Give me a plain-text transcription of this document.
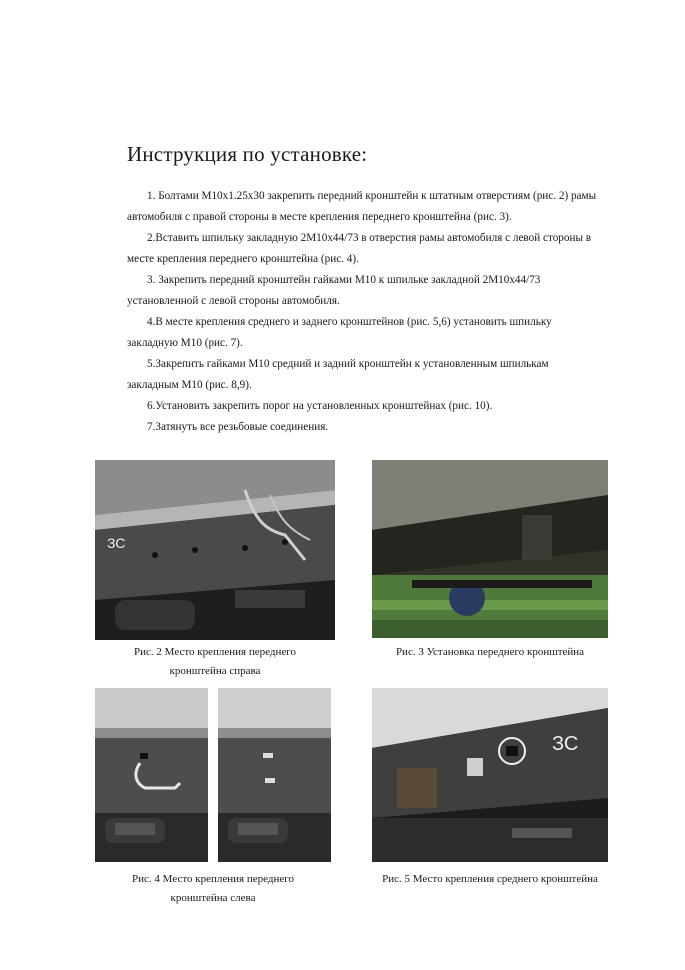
Инструкция по установке:

1. Болтами M10x1.25x30 закрепить передний кронштейн к штатным отверстиям (рис. 2) рамы автомобиля с правой стороны в месте крепления переднего кронштейна (рис. 3).

2.Вставить шпильку закладную 2M10x44/73 в отверстия рамы автомобиля с левой стороны в месте крепления переднего кронштейна (рис. 4).

3. Закрепить передний кронштейн гайками M10 к шпильке закладной 2M10x44/73 установленной с левой стороны автомобиля.

4.В месте крепления среднего и заднего кронштейнов (рис. 5,6) установить шпильку закладную M10 (рис. 7).

5.Закрепить гайками M10 средний и задний кронштейн к установленным шпилькам закладным M10 (рис. 8,9).

6.Установить закрепить порог на установленных кронштейнах (рис. 10).

7.Затянуть все резьбовые соединения.

ЗС
Рис. 2 Место крепления переднего
кронштейна справа
Рис. 3 Установка переднего кронштейна
Рис. 4 Место крепления переднего
кронштейна слева
ЗС
Рис. 5 Место крепления среднего кронштейна
